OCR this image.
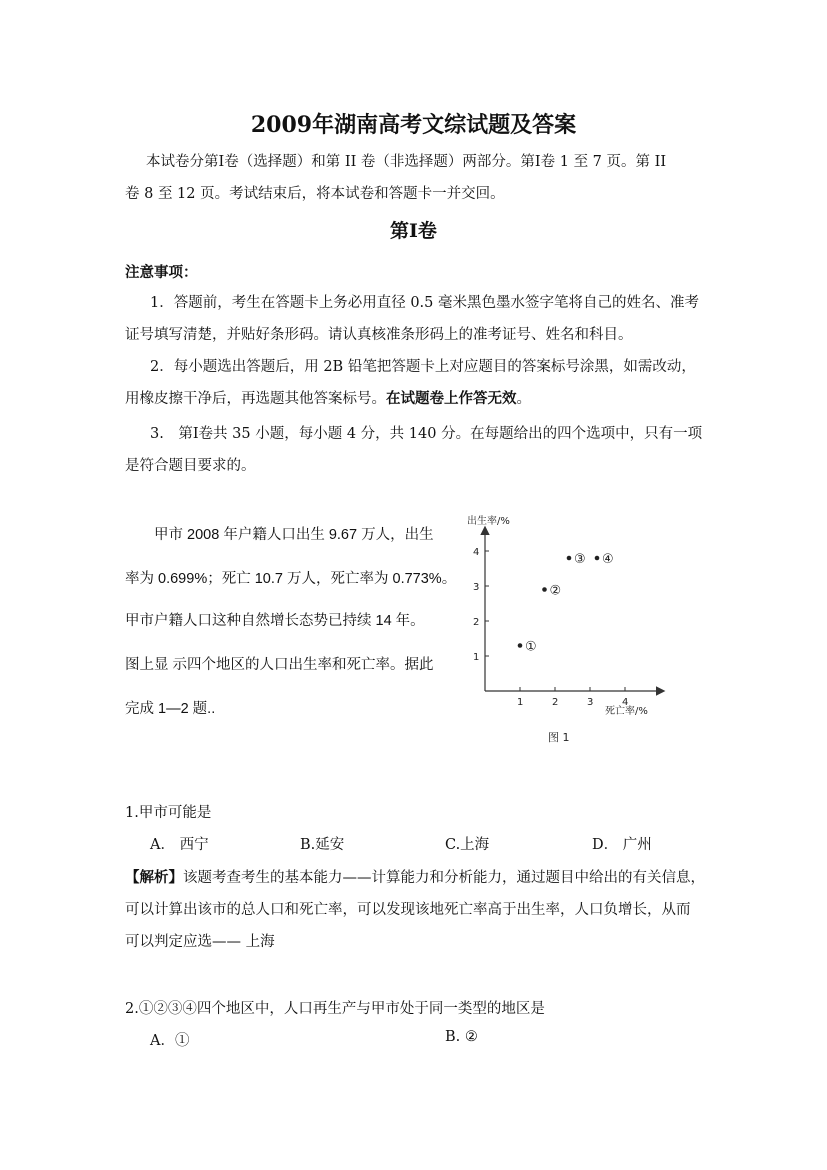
2009年湖南高考文综试题及答案
本试卷分第Ⅰ卷（选择题）和第 II 卷（非选择题）两部分。第Ⅰ卷 1 至 7 页。第 II
卷 8 至 12 页。考试结束后，将本试卷和答题卡一并交回。
第Ⅰ卷
注意事项：
1．答题前，考生在答题卡上务必用直径 0.5 毫米黑色墨水签字笔将自己的姓名、准考
证号填写清楚，并贴好条形码。请认真核准条形码上的准考证号、姓名和科目。
2．每小题选出答题后，用 2B 铅笔把答题卡上对应题目的答案标号涂黑，如需改动，
用橡皮擦干净后，再选题其他答案标号。在试题卷上作答无效。
3.　第Ⅰ卷共 35 小题，每小题 4 分，共 140 分。在每题给出的四个选项中，只有一项
是符合题目要求的。
甲市 2008 年户籍人口出生 9.67 万人，出生
率为 0.699%；死亡 10.7 万人，死亡率为 0.773%。
甲市户籍人口这种自然增长态势已持续 14 年。
图上显 示四个地区的人口出生率和死亡率。据此
完成 1—2 题..
出生率/%
死亡率/%
图 1
1	2	3	4
1
2
3
4
①
②
③ ④
1.甲市可能是
A． 西宁	B.延安	C.上海	D． 广州
【解析】该题考查考生的基本能力——计算能力和分析能力，通过题目中给出的有关信息，
可以计算出该市的总人口和死亡率，可以发现该地死亡率高于出生率，人口负增长，从而
可以判定应选—— 上海
2.①②③④四个地区中，人口再生产与甲市处于同一类型的地区是
A．①	B. ②
